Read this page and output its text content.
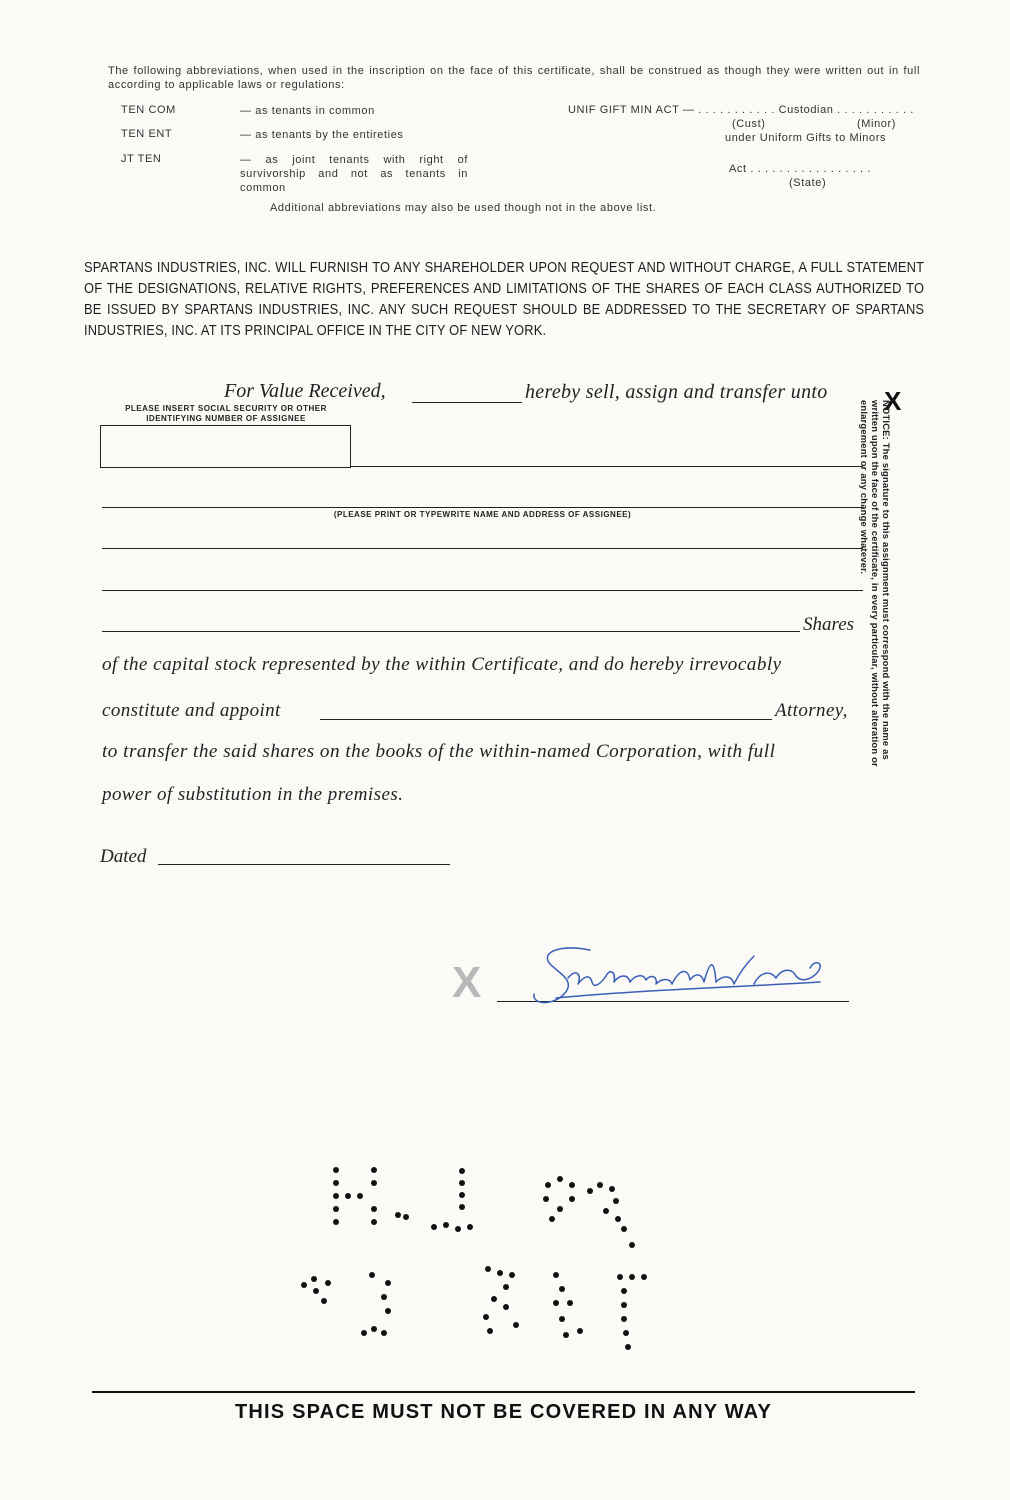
The following abbreviations, when used in the inscription on the face of this certificate, shall be construed as though they were written out in full according to applicable laws or regulations:
TEN COM	— as tenants in common
TEN ENT	— as tenants by the entireties
JT TEN	— as joint tenants with right of survivorship and not as tenants in common
UNIF GIFT MIN ACT — . . . . . . . . . . . Custodian . . . . . . . . . . .
(Cust)	(Minor)
under Uniform Gifts to Minors
Act . . . . . . . . . . . . . . . . .
(State)
Additional abbreviations may also be used though not in the above list.
SPARTANS INDUSTRIES, INC. WILL FURNISH TO ANY SHAREHOLDER UPON REQUEST AND WITHOUT CHARGE, A FULL STATEMENT OF THE DESIGNATIONS, RELATIVE RIGHTS, PREFERENCES AND LIMITATIONS OF THE SHARES OF EACH CLASS AUTHORIZED TO BE ISSUED BY SPARTANS INDUSTRIES, INC. ANY SUCH REQUEST SHOULD BE ADDRESSED TO THE SECRETARY OF SPARTANS INDUSTRIES, INC. AT ITS PRINCIPAL OFFICE IN THE CITY OF NEW YORK.
For Value Received,	hereby sell, assign and transfer unto
PLEASE INSERT SOCIAL SECURITY OR OTHER IDENTIFYING NUMBER OF ASSIGNEE
(PLEASE PRINT OR TYPEWRITE NAME AND ADDRESS OF ASSIGNEE)
Shares
of the capital stock represented by the within Certificate, and do hereby irrevocably
constitute and appoint	Attorney,
to transfer the said shares on the books of the within-named Corporation, with full
power of substitution in the premises.
Dated
X
NOTICE: The signature to this assignment must correspond with the name as written upon the face of the certificate, in every particular, without alteration or enlargement or any change whatever.
X
Sondueri Ho
THIS SPACE MUST NOT BE COVERED IN ANY WAY
